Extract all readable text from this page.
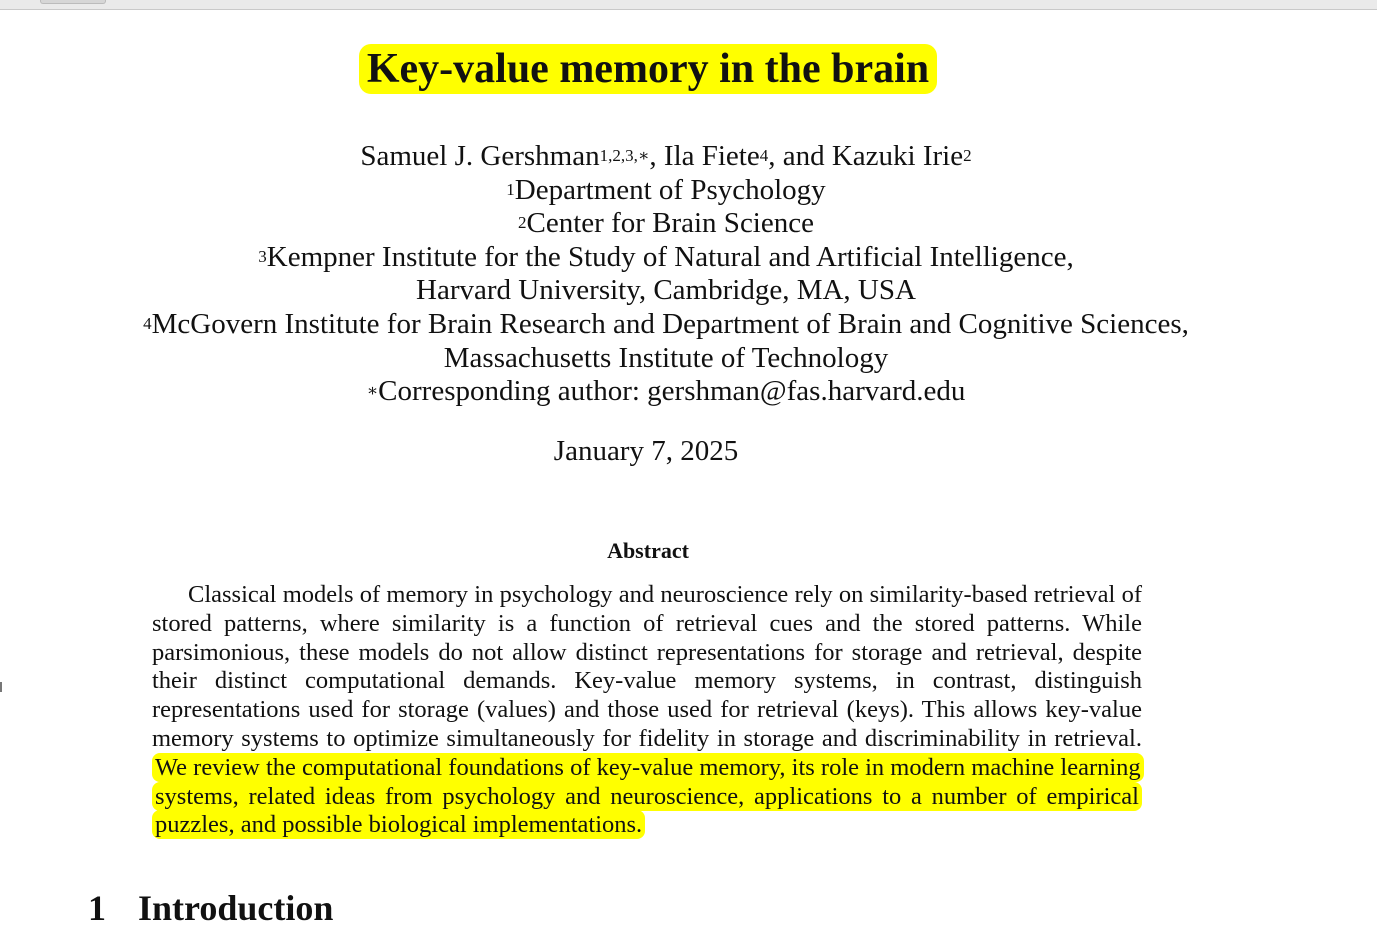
Key-value memory in the brain
Samuel J. Gershman$^{1,2,3,∗}$, Ila Fiete$^4$, and Kazuki Irie$^2$
$^1$Department of Psychology
$^2$Center for Brain Science
$^3$Kempner Institute for the Study of Natural and Artificial Intelligence,
Harvard University, Cambridge, MA, USA
$^4$McGovern Institute for Brain Research and Department of Brain and Cognitive Sciences,
Massachusetts Institute of Technology
∗Corresponding author: gershman@fas.harvard.edu
January 7, 2025
Abstract
Classical models of memory in psychology and neuroscience rely on similarity-based retrieval of stored patterns, where similarity is a function of retrieval cues and the stored patterns. While parsimonious, these models do not allow distinct representations for storage and retrieval, despite their distinct computational demands. Key-value memory systems, in contrast, distinguish representations used for storage (values) and those used for retrieval (keys). This allows key-value memory systems to optimize simultaneously for fidelity in storage and discriminability in retrieval. We review the computational foundations of key-value memory, its role in modern machine learning systems, related ideas from psychology and neuroscience, applications to a number of empirical puzzles, and possible biological implementations.
1 Introduction
